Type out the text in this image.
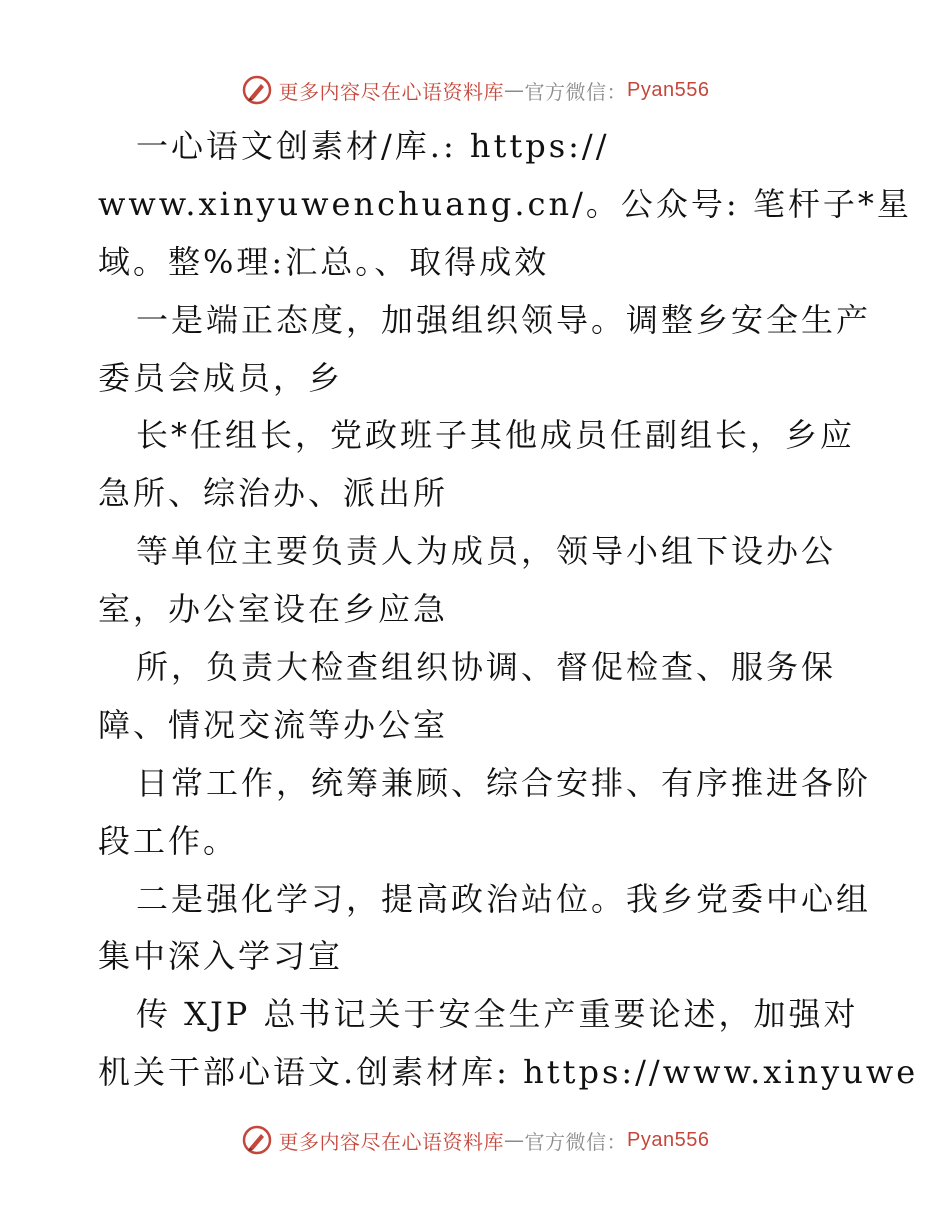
更多内容尽在心语资料库 — 官方微信： Pyan556
一心语文创素材/库.: https://
www.xinyuwenchuang.cn/。公众号: 笔杆子*星
域。整%理:汇总。、取得成效
一是端正态度，加强组织领导。调整乡安全生产
委员会成员，乡
长*任组长，党政班子其他成员任副组长，乡应
急所、综治办、派出所
等单位主要负责人为成员，领导小组下设办公
室，办公室设在乡应急
所，负责大检查组织协调、督促检查、服务保
障、情况交流等办公室
日常工作，统筹兼顾、综合安排、有序推进各阶
段工作。
二是强化学习，提高政治站位。我乡党委中心组
集中深入学习宣
传 XJP 总书记关于安全生产重要论述，加强对
机关干部心语文.创素材库: https://www.xinyuwe
更多内容尽在心语资料库 — 官方微信： Pyan556
